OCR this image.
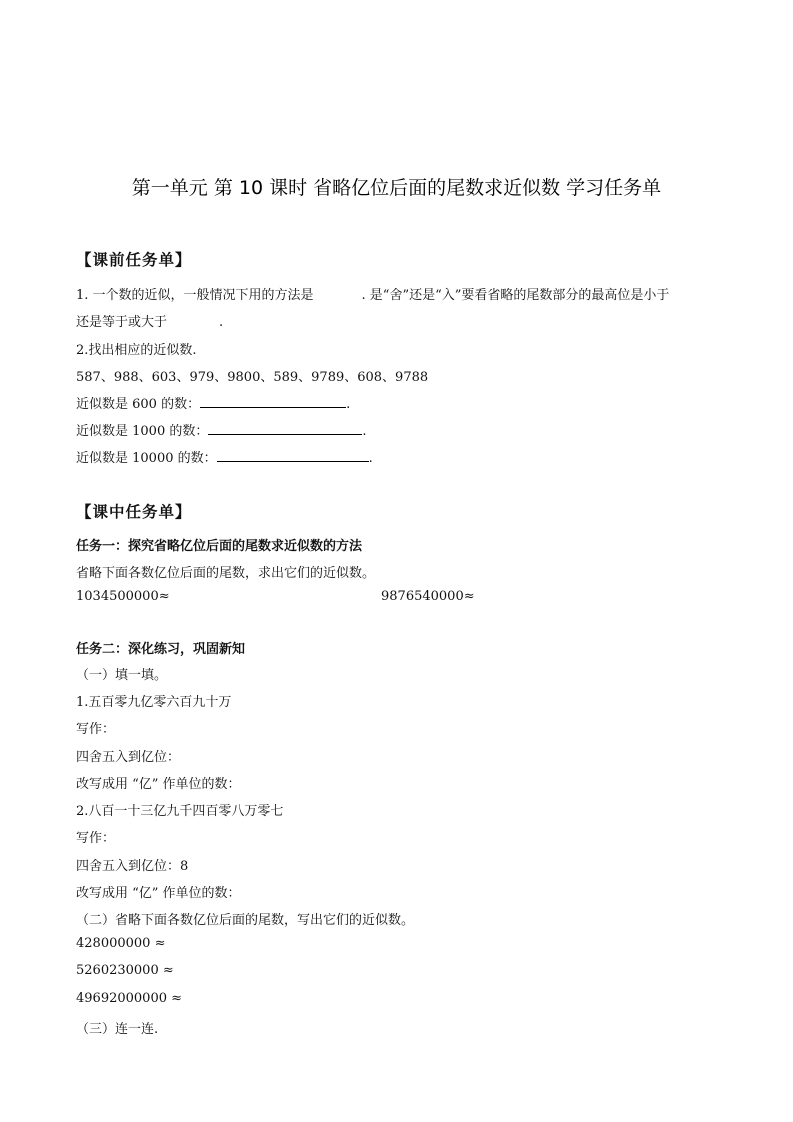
第一单元 第 10 课时 省略亿位后面的尾数求近似数 学习任务单
【课前任务单】
1. 一个数的近似，一般情况下用的方法是	. 是“舍”还是“入”要看省略的尾数部分的最高位是小于
还是等于或大于	.
2.找出相应的近似数.
587、988、603、979、9800、589、9789、608、9788
近似数是 600 的数：	.
近似数是 1000 的数：	.
近似数是 10000 的数：	.
【课中任务单】
任务一：探究省略亿位后面的尾数求近似数的方法
省略下面各数亿位后面的尾数，求出它们的近似数。
1034500000≈	9876540000≈
任务二：深化练习，巩固新知
（一）填一填。
1.五百零九亿零六百九十万
写作：
四舍五入到亿位：
改写成用 “亿” 作单位的数：
2.八百一十三亿九千四百零八万零七
写作：
四舍五入到亿位：8
改写成用 “亿” 作单位的数：
（二）省略下面各数亿位后面的尾数，写出它们的近似数。
428000000 ≈
5260230000 ≈
49692000000 ≈
（三）连一连.
